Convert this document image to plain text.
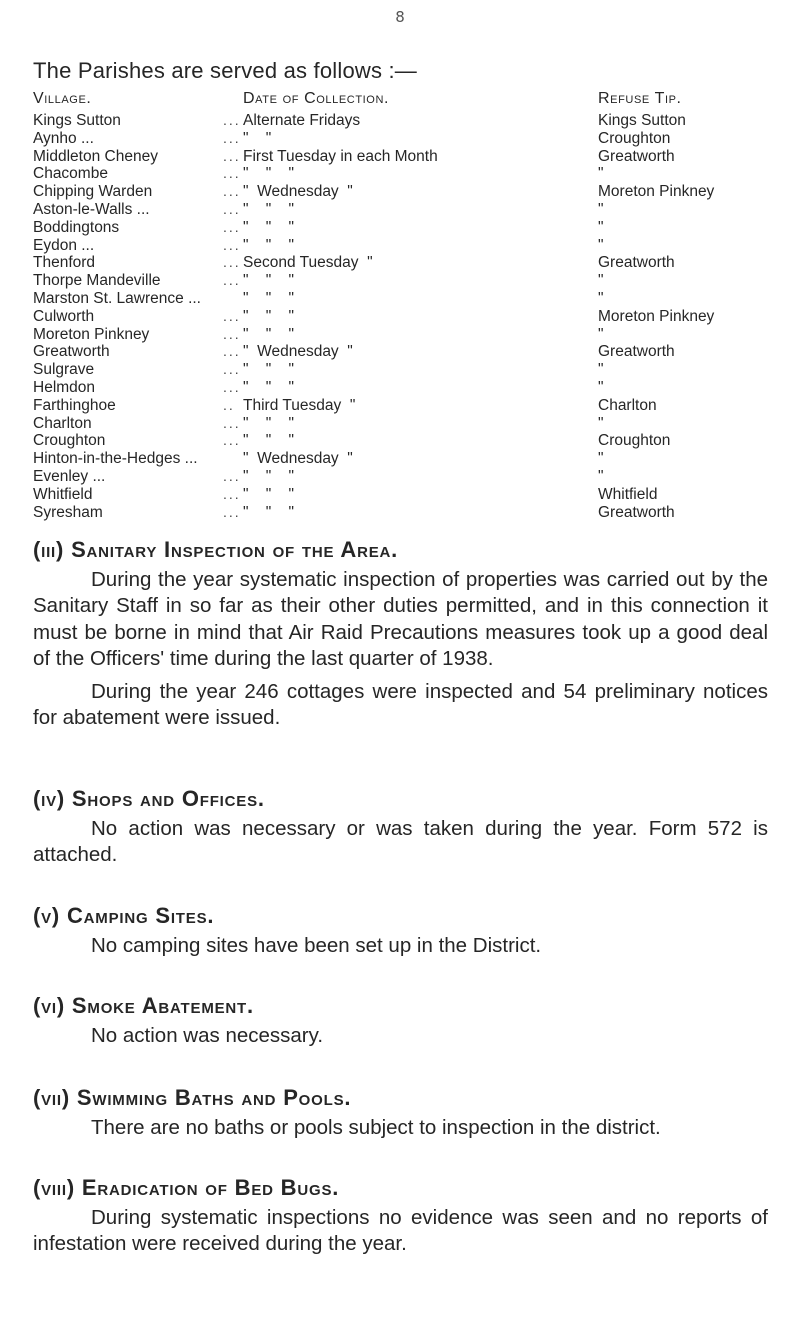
8
The Parishes are served as follows :—
Village.	Date of Collection.	Refuse Tip.
Kings Sutton	... Alternate Fridays	Kings Sutton
Aynho ...	... "    "	Croughton
Middleton Cheney	... First Tuesday in each Month	Greatworth
Chacombe	... "    "    "	"
Chipping Warden	... "  Wednesday  "	Moreton Pinkney
Aston-le-Walls ...	... "    "    "	"
Boddingtons	... "    "    "	"
Eydon ...	... "    "    "	"
Thenford	... Second Tuesday  "	Greatworth
Thorpe Mandeville	... "    "    "	"
Marston St. Lawrence ...	"    "    "	"
Culworth	... "    "    "	Moreton Pinkney
Moreton Pinkney	... "    "    "	"
Greatworth	... "  Wednesday  "	Greatworth
Sulgrave	... "    "    "	"
Helmdon	... "    "    "	"
Farthinghoe	.. Third Tuesday  "	Charlton
Charlton	... "    "    "	"
Croughton	... "    "    "	Croughton
Hinton-in-the-Hedges ...	"  Wednesday  "	"
Evenley ...	... "    "    "	"
Whitfield	... "    "    "	Whitfield
Syresham	... "    "    "	Greatworth
(iii) Sanitary Inspection of the Area.

During the year systematic inspection of properties was carried out by the Sanitary Staff in so far as their other duties permitted, and in this connection it must be borne in mind that Air Raid Precautions measures took up a good deal of the Officers' time during the last quarter of 1938.

During the year 246 cottages were inspected and 54 preliminary notices for abatement were issued.

(iv) Shops and Offices.

No action was necessary or was taken during the year. Form 572 is attached.

(v) Camping Sites.

No camping sites have been set up in the District.

(vi) Smoke Abatement.

No action was necessary.

(vii) Swimming Baths and Pools.

There are no baths or pools subject to inspection in the district.

(viii) Eradication of Bed Bugs.

During systematic inspections no evidence was seen and no reports of infestation were received during the year.
